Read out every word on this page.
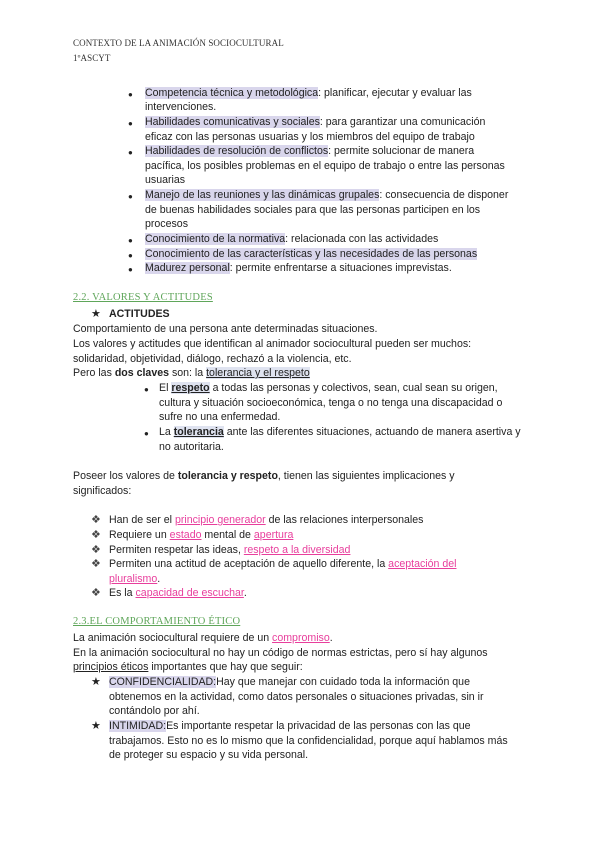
CONTEXTO DE LA ANIMACIÓN SOCIOCULTURAL
1ºASCYT
● Competencia técnica y metodológica: planificar, ejecutar y evaluar las
intervenciones.
● Habilidades comunicativas y sociales: para garantizar una comunicación
eficaz con las personas usuarias y los miembros del equipo de trabajo
● Habilidades de resolución de conflictos: permite solucionar de manera
pacífica, los posibles problemas en el equipo de trabajo o entre las personas
usuarias
● Manejo de las reuniones y las dinámicas grupales: consecuencia de disponer
de buenas habilidades sociales para que las personas participen en los
procesos
● Conocimiento de la normativa: relacionada con las actividades
● Conocimiento de las características y las necesidades de las personas
● Madurez personal: permite enfrentarse a situaciones imprevistas.
2.2. VALORES Y ACTITUDES
★ ACTITUDES
Comportamiento de una persona ante determinadas situaciones.
Los valores y actitudes que identifican al animador sociocultural pueden ser muchos:
solidaridad, objetividad, diálogo, rechazó a la violencia, etc.
Pero las dos claves son: la tolerancia y el respeto
● El respeto a todas las personas y colectivos, sean, cual sean su origen,
cultura y situación socioeconómica, tenga o no tenga una discapacidad o
sufre no una enfermedad.
● La tolerancia ante las diferentes situaciones, actuando de manera asertiva y
no autoritaria.
Poseer los valores de tolerancia y respeto, tienen las siguientes implicaciones y
significados:
❖ Han de ser el principio generador de las relaciones interpersonales
❖ Requiere un estado mental de apertura
❖ Permiten respetar las ideas, respeto a la diversidad
❖ Permiten una actitud de aceptación de aquello diferente, la aceptación del
pluralismo.
❖ Es la capacidad de escuchar.
2.3.EL COMPORTAMIENTO ÉTICO
La animación sociocultural requiere de un compromiso.
En la animación sociocultural no hay un código de normas estrictas, pero sí hay algunos
principios éticos importantes que hay que seguir:
★ CONFIDENCIALIDAD:Hay que manejar con cuidado toda la información que
obtenemos en la actividad, como datos personales o situaciones privadas, sin ir
contándolo por ahí.
★ INTIMIDAD:Es importante respetar la privacidad de las personas con las que
trabajamos. Esto no es lo mismo que la confidencialidad, porque aquí hablamos más
de proteger su espacio y su vida personal.
